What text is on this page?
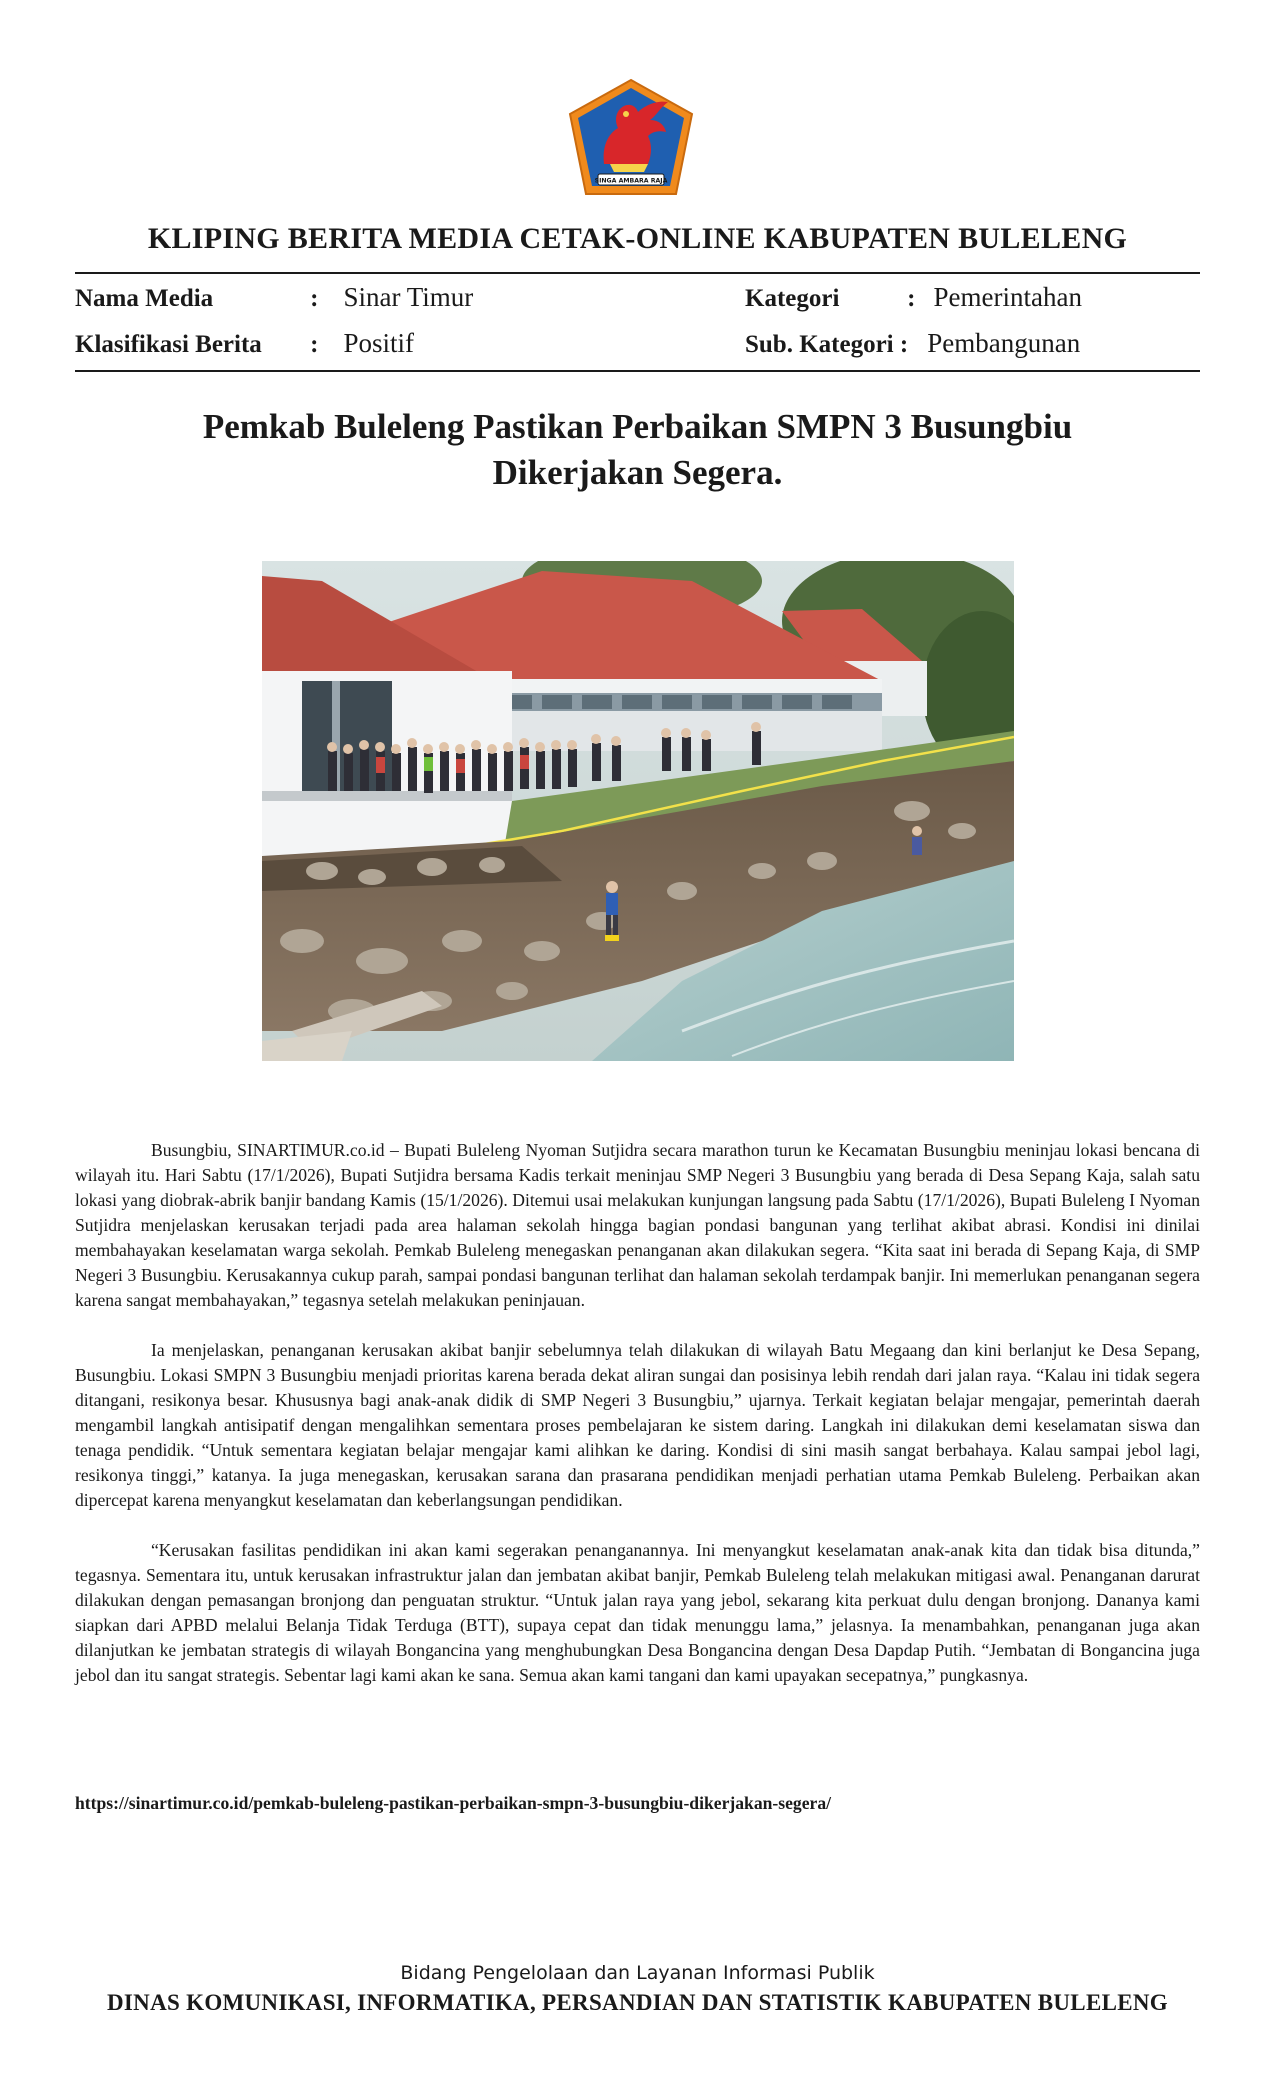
SINGA AMBARA RAJA
KLIPING BERITA MEDIA CETAK-ONLINE KABUPATEN BULELENG
Nama Media	: Sinar Timur
Klasifikasi Berita : Positif
Kategori	: Pemerintahan
Sub. Kategori : Pembangunan
Pemkab Buleleng Pastikan Perbaikan SMPN 3 Busungbiu
Dikerjakan Segera.

Busungbiu, SINARTIMUR.co.id – Bupati Buleleng Nyoman Sutjidra secara marathon turun ke Kecamatan Busungbiu meninjau lokasi bencana di wilayah itu. Hari Sabtu (17/1/2026), Bupati Sutjidra bersama Kadis terkait meninjau SMP Negeri 3 Busungbiu yang berada di Desa Sepang Kaja, salah satu lokasi yang diobrak-abrik banjir bandang Kamis (15/1/2026). Ditemui usai melakukan kunjungan langsung pada Sabtu (17/1/2026), Bupati Buleleng I Nyoman Sutjidra menjelaskan kerusakan terjadi pada area halaman sekolah hingga bagian pondasi bangunan yang terlihat akibat abrasi. Kondisi ini dinilai membahayakan keselamatan warga sekolah. Pemkab Buleleng menegaskan penanganan akan dilakukan segera. “Kita saat ini berada di Sepang Kaja, di SMP Negeri 3 Busungbiu. Kerusakannya cukup parah, sampai pondasi bangunan terlihat dan halaman sekolah terdampak banjir. Ini memerlukan penanganan segera karena sangat membahayakan,” tegasnya setelah melakukan peninjauan.

Ia menjelaskan, penanganan kerusakan akibat banjir sebelumnya telah dilakukan di wilayah Batu Megaang dan kini berlanjut ke Desa Sepang, Busungbiu. Lokasi SMPN 3 Busungbiu menjadi prioritas karena berada dekat aliran sungai dan posisinya lebih rendah dari jalan raya. “Kalau ini tidak segera ditangani, resikonya besar. Khususnya bagi anak-anak didik di SMP Negeri 3 Busungbiu,” ujarnya. Terkait kegiatan belajar mengajar, pemerintah daerah mengambil langkah antisipatif dengan mengalihkan sementara proses pembelajaran ke sistem daring. Langkah ini dilakukan demi keselamatan siswa dan tenaga pendidik. “Untuk sementara kegiatan belajar mengajar kami alihkan ke daring. Kondisi di sini masih sangat berbahaya. Kalau sampai jebol lagi, resikonya tinggi,” katanya. Ia juga menegaskan, kerusakan sarana dan prasarana pendidikan menjadi perhatian utama Pemkab Buleleng. Perbaikan akan dipercepat karena menyangkut keselamatan dan keberlangsungan pendidikan.

“Kerusakan fasilitas pendidikan ini akan kami segerakan penanganannya. Ini menyangkut keselamatan anak-anak kita dan tidak bisa ditunda,” tegasnya. Sementara itu, untuk kerusakan infrastruktur jalan dan jembatan akibat banjir, Pemkab Buleleng telah melakukan mitigasi awal. Penanganan darurat dilakukan dengan pemasangan bronjong dan penguatan struktur. “Untuk jalan raya yang jebol, sekarang kita perkuat dulu dengan bronjong. Dananya kami siapkan dari APBD melalui Belanja Tidak Terduga (BTT), supaya cepat dan tidak menunggu lama,” jelasnya. Ia menambahkan, penanganan juga akan dilanjutkan ke jembatan strategis di wilayah Bongancina yang menghubungkan Desa Bongancina dengan Desa Dapdap Putih. “Jembatan di Bongancina juga jebol dan itu sangat strategis. Sebentar lagi kami akan ke sana. Semua akan kami tangani dan kami upayakan secepatnya,” pungkasnya.

https://sinartimur.co.id/pemkab-buleleng-pastikan-perbaikan-smpn-3-busungbiu-dikerjakan-segera/
Bidang Pengelolaan dan Layanan Informasi Publik
DINAS KOMUNIKASI, INFORMATIKA, PERSANDIAN DAN STATISTIK KABUPATEN BULELENG
